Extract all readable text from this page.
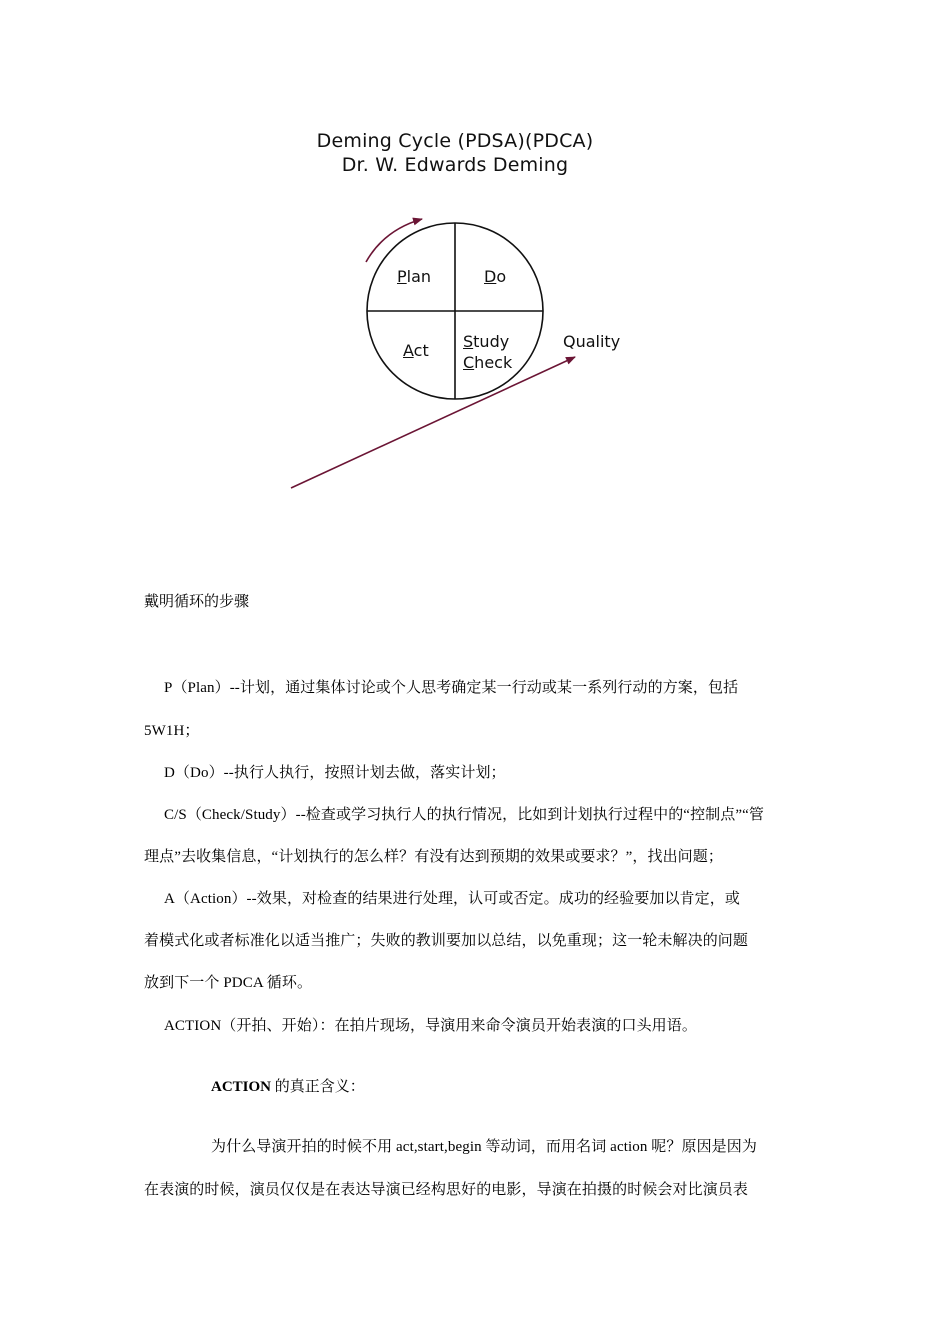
Deming Cycle (PDSA)(PDCA)
Dr. W. Edwards Deming
Plan	Do
Act Study
Check
Quality
戴明循环的步骤
P（Plan）--计划，通过集体讨论或个人思考确定某一行动或某一系列行动的方案，包括
5W1H；
D（Do）--执行人执行，按照计划去做，落实计划；
C/S（Check/Study）--检查或学习执行人的执行情况，比如到计划执行过程中的“控制点”“管
理点”去收集信息，“计划执行的怎么样？有没有达到预期的效果或要求？”，找出问题；
A（Action）--效果，对检查的结果进行处理，认可或否定。成功的经验要加以肯定，或
着模式化或者标准化以适当推广；失败的教训要加以总结，以免重现；这一轮未解决的问题
放到下一个 PDCA 循环。
ACTION（开拍、开始）：在拍片现场，导演用来命令演员开始表演的口头用语。
ACTION 的真正含义：
为什么导演开拍的时候不用 act,start,begin 等动词，而用名词 action 呢？原因是因为
在表演的时候，演员仅仅是在表达导演已经构思好的电影，导演在拍摄的时候会对比演员表
